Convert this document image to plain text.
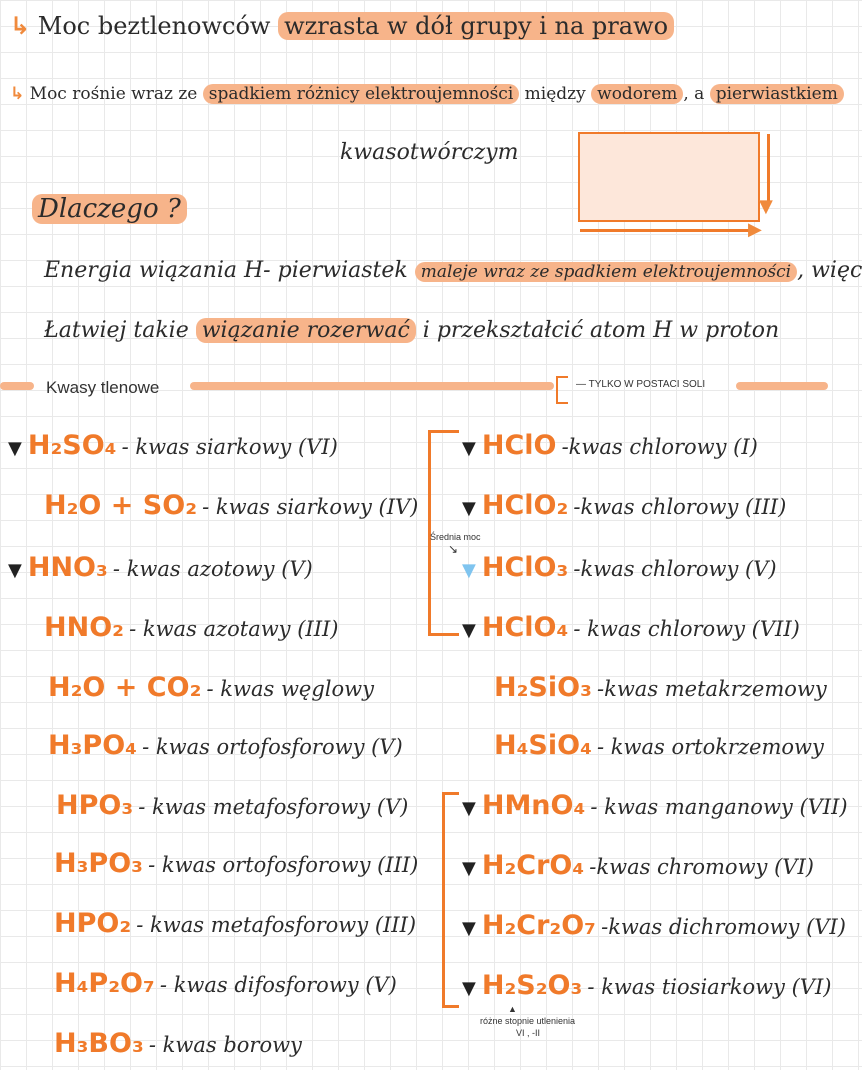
↳ Moc beztlenowców wzrasta w dół grupy i na prawo
↳ Moc rośnie wraz ze spadkiem różnicy elektroujemności między wodorem , a pierwiastkiem
kwasotwórczym
▼
▶
Dlaczego ?
Energia wiązania H- pierwiastek maleje wraz ze spadkiem elektroujemności , więc
Łatwiej takie wiązanie rozerwać i przekształcić atom H w proton
Kwasy tlenowe	— TYLKO W POSTACI SOLI
▼ H₂SO₄ - kwas siarkowy (VI)
H₂O + SO₂ - kwas siarkowy (IV)
▼ HNO₃ - kwas azotowy (V)
HNO₂ - kwas azotawy (III)
H₂O + CO₂ - kwas węglowy
H₃PO₄ - kwas ortofosforowy (V)
HPO₃ - kwas metafosforowy (V)
H₃PO₃ - kwas ortofosforowy (III)
HPO₂ - kwas metafosforowy (III)
H₄P₂O₇ - kwas difosforowy (V)
H₃BO₃ - kwas borowy
Średnia moc
↘
▼ HClO -kwas chlorowy (I)
▼ HClO₂ -kwas chlorowy (III)
▼ HClO₃ -kwas chlorowy (V)
▼ HClO₄ - kwas chlorowy (VII)
H₂SiO₃ -kwas metakrzemowy
H₄SiO₄ - kwas ortokrzemowy
▼ HMnO₄ - kwas manganowy (VII)
▼ H₂CrO₄ -kwas chromowy (VI)
▼ H₂Cr₂O₇ -kwas dichromowy (VI)
▼ H₂S₂O₃ - kwas tiosiarkowy (VI)
▲
różne stopnie utlenienia
VI , -II
